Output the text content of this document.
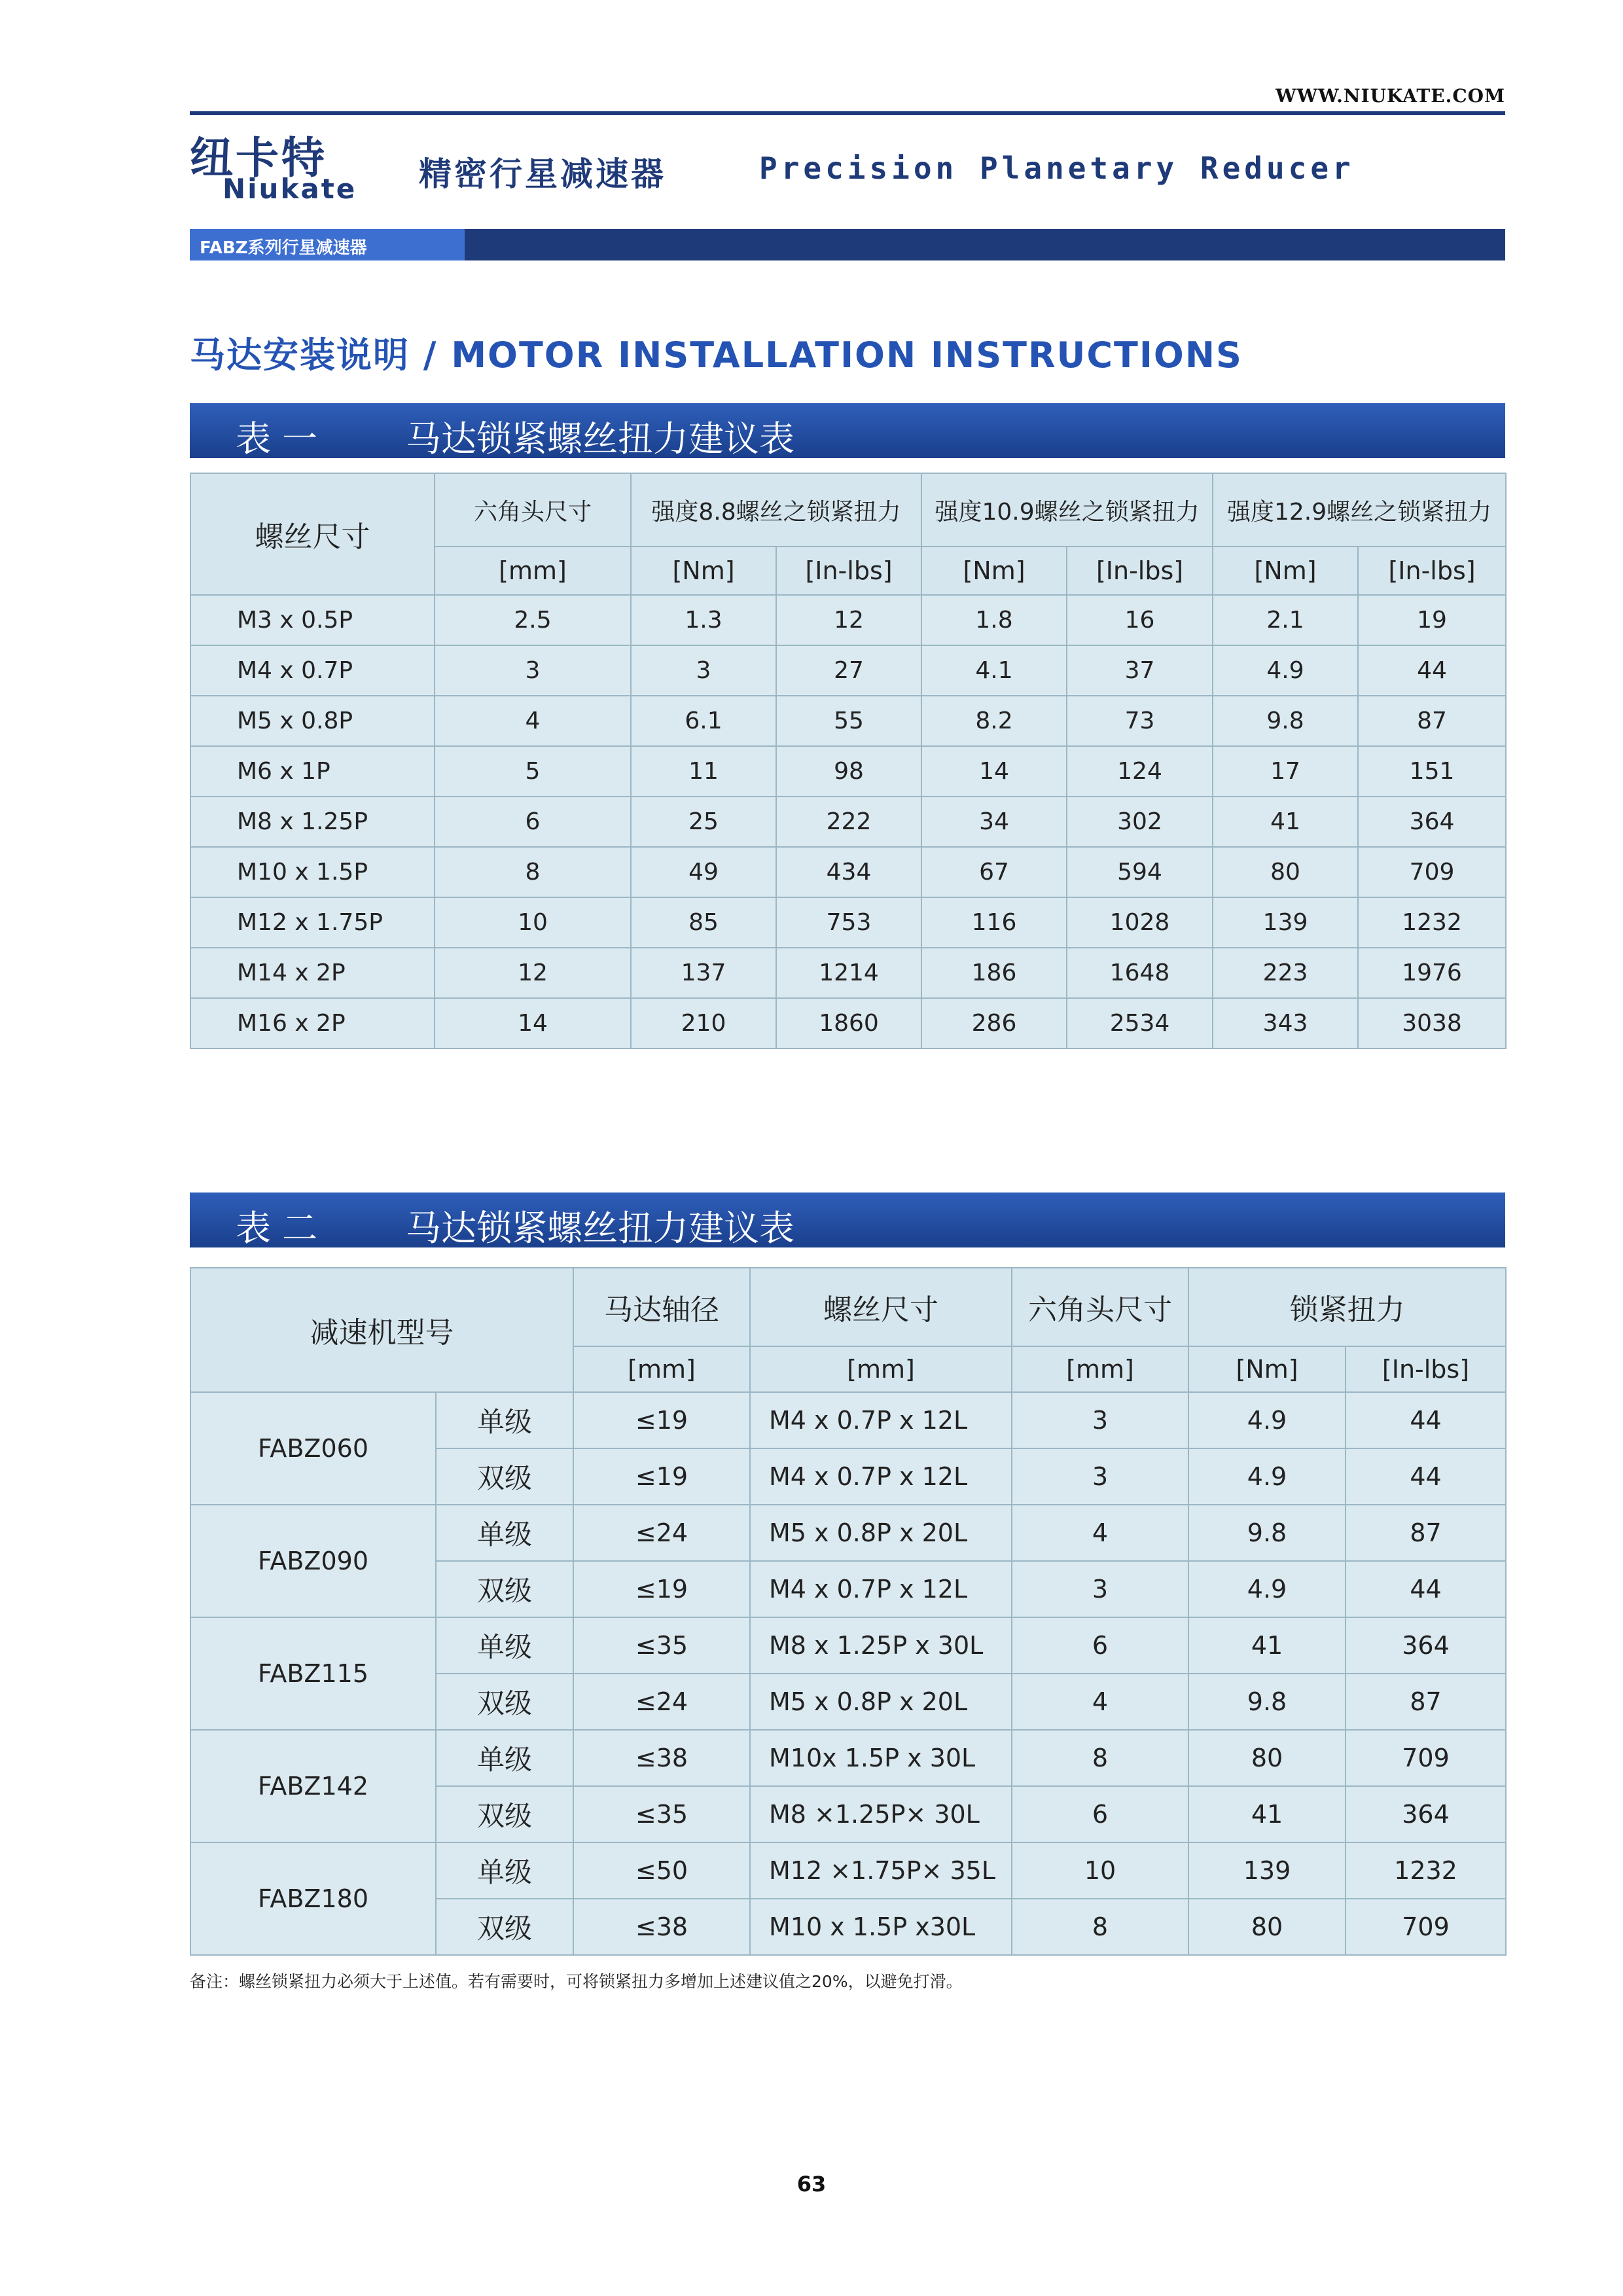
WWW.NIUKATE.COM
纽卡特
Niukate	精密行星减速器	Precision Planetary Reducer
FABZ系列行星减速器
马达安装说明 / MOTOR INSTALLATION INSTRUCTIONS
表 一	马达锁紧螺丝扭力建议表
螺丝尺寸	六角头尺寸	强度8.8螺丝之锁紧扭力		强度10.9螺丝之锁紧扭力		强度12.9螺丝之锁紧扭力	
	[mm]	[Nm]	[In-lbs]	[Nm]	[In-lbs]	[Nm]	[In-lbs]
M3 x 0.5P	2.5	1.3	12	1.8	16	2.1	19
M4 x 0.7P	3	3	27	4.1	37	4.9	44
M5 x 0.8P	4	6.1	55	8.2	73	9.8	87
M6 x 1P	5	11	98	14	124	17	151
M8 x 1.25P	6	25	222	34	302	41	364
M10 x 1.5P	8	49	434	67	594	80	709
M12 x 1.75P	10	85	753	116	1028	139	1232
M14 x 2P	12	137	1214	186	1648	223	1976
M16 x 2P	14	210	1860	286	2534	343	3038
表 二	马达锁紧螺丝扭力建议表
减速机型号		马达轴径	螺丝尺寸	六角头尺寸	锁紧扭力	
		[mm]	[mm]	[mm]	[Nm]	[In-lbs]
FABZ060	单级	≤19	M4 x 0.7P x 12L	3	4.9	44
	双级	≤19	M4 x 0.7P x 12L	3	4.9	44
FABZ090	单级	≤24	M5 x 0.8P x 20L	4	9.8	87
	双级	≤19	M4 x 0.7P x 12L	3	4.9	44
FABZ115	单级	≤35	M8 x 1.25P x 30L	6	41	364
	双级	≤24	M5 x 0.8P x 20L	4	9.8	87
FABZ142	单级	≤38	M10x 1.5P x 30L	8	80	709
	双级	≤35	M8 ×1.25P× 30L	6	41	364
FABZ180	单级	≤50	M12 ×1.75P× 35L	10	139	1232
	双级	≤38	M10 x 1.5P x30L	8	80	709
备注：螺丝锁紧扭力必须大于上述值。若有需要时，可将锁紧扭力多增加上述建议值之20%，以避免打滑。
63
